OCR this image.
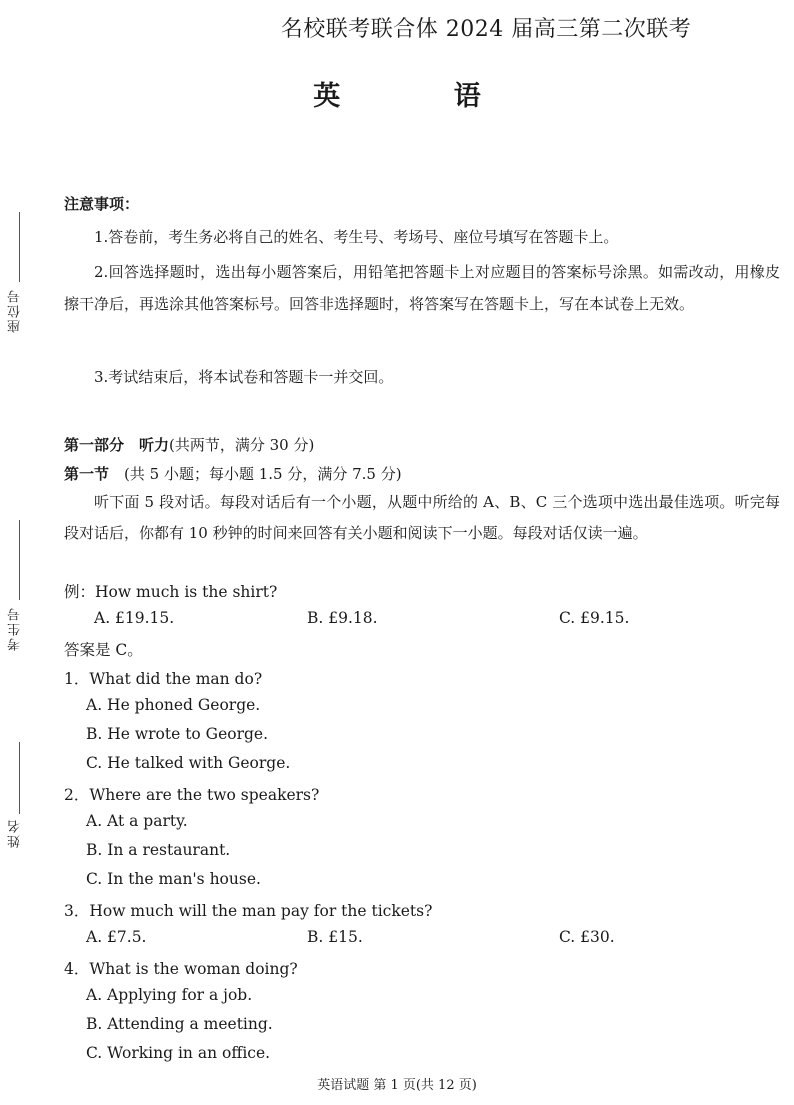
名校联考联合体 2024 届高三第二次联考
英 语
座位号
考生号
姓名
注意事项：
1.答卷前，考生务必将自己的姓名、考生号、考场号、座位号填写在答题卡上。
2.回答选择题时，选出每小题答案后，用铅笔把答题卡上对应题目的答案标号涂黑。如需改动，用橡皮擦干净后，再选涂其他答案标号。回答非选择题时，将答案写在答题卡上，写在本试卷上无效。
3.考试结束后，将本试卷和答题卡一并交回。
第一部分　听力(共两节，满分 30 分)
第一节　(共 5 小题；每小题 1.5 分，满分 7.5 分)
听下面 5 段对话。每段对话后有一个小题，从题中所给的 A、B、C 三个选项中选出最佳选项。听完每段对话后，你都有 10 秒钟的时间来回答有关小题和阅读下一小题。每段对话仅读一遍。
例：How much is the shirt?
A. £19.15.	B. £9.18.	C. £9.15.
答案是 C。
1．What did the man do?
A. He phoned George.
B. He wrote to George.
C. He talked with George.
2．Where are the two speakers?
A. At a party.
B. In a restaurant.
C. In the man's house.
3．How much will the man pay for the tickets?
A. £7.5.	B. £15.	C. £30.
4．What is the woman doing?
A. Applying for a job.
B. Attending a meeting.
C. Working in an office.
英语试题 第 1 页(共 12 页)
